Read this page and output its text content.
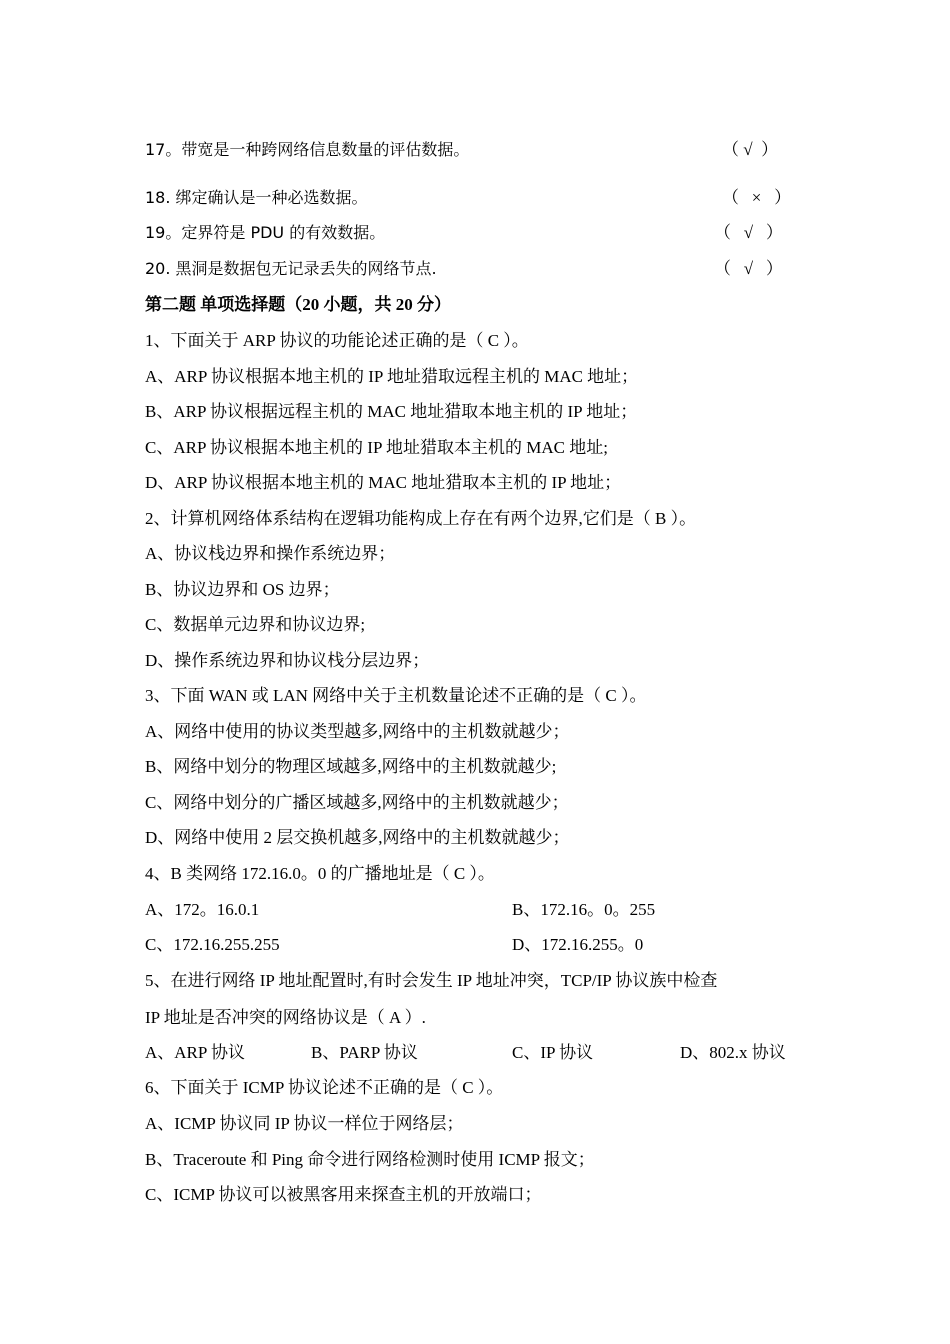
17。带宽是一种跨网络信息数量的评估数据。	（ √  ）
18. 绑定确认是一种必选数据。	（   ×   ）
19。定界符是 PDU 的有效数据。	（   √   ）
20. 黑洞是数据包无记录丢失的网络节点.	（   √   ）
第二题 单项选择题（20 小题，共 20 分）
1、下面关于 ARP 协议的功能论述正确的是（ C ）。
A、ARP 协议根据本地主机的 IP 地址猎取远程主机的 MAC 地址；
B、ARP 协议根据远程主机的 MAC 地址猎取本地主机的 IP 地址；
C、ARP 协议根据本地主机的 IP 地址猎取本主机的 MAC 地址;
D、ARP 协议根据本地主机的 MAC 地址猎取本主机的 IP 地址；
2、计算机网络体系结构在逻辑功能构成上存在有两个边界,它们是（ B ）。
A、协议栈边界和操作系统边界；
B、协议边界和 OS 边界；
C、数据单元边界和协议边界;
D、操作系统边界和协议栈分层边界；
3、下面 WAN 或 LAN 网络中关于主机数量论述不正确的是（ C ）。
A、网络中使用的协议类型越多,网络中的主机数就越少；
B、网络中划分的物理区域越多,网络中的主机数就越少;
C、网络中划分的广播区域越多,网络中的主机数就越少；
D、网络中使用 2 层交换机越多,网络中的主机数就越少；
4、B 类网络 172.16.0。0 的广播地址是（ C ）。
A、172。16.0.1	B、172.16。0。255
C、172.16.255.255	D、172.16.255。0
5、在进行网络 IP 地址配置时,有时会发生 IP 地址冲突，TCP/IP 协议族中检查
IP 地址是否冲突的网络协议是（ A ）.
A、ARP 协议	B、PARP 协议	C、IP 协议	D、802.x 协议
6、下面关于 ICMP 协议论述不正确的是（ C ）。
A、ICMP 协议同 IP 协议一样位于网络层；
B、Traceroute 和 Ping 命令进行网络检测时使用 ICMP 报文；
C、ICMP 协议可以被黑客用来探查主机的开放端口；
